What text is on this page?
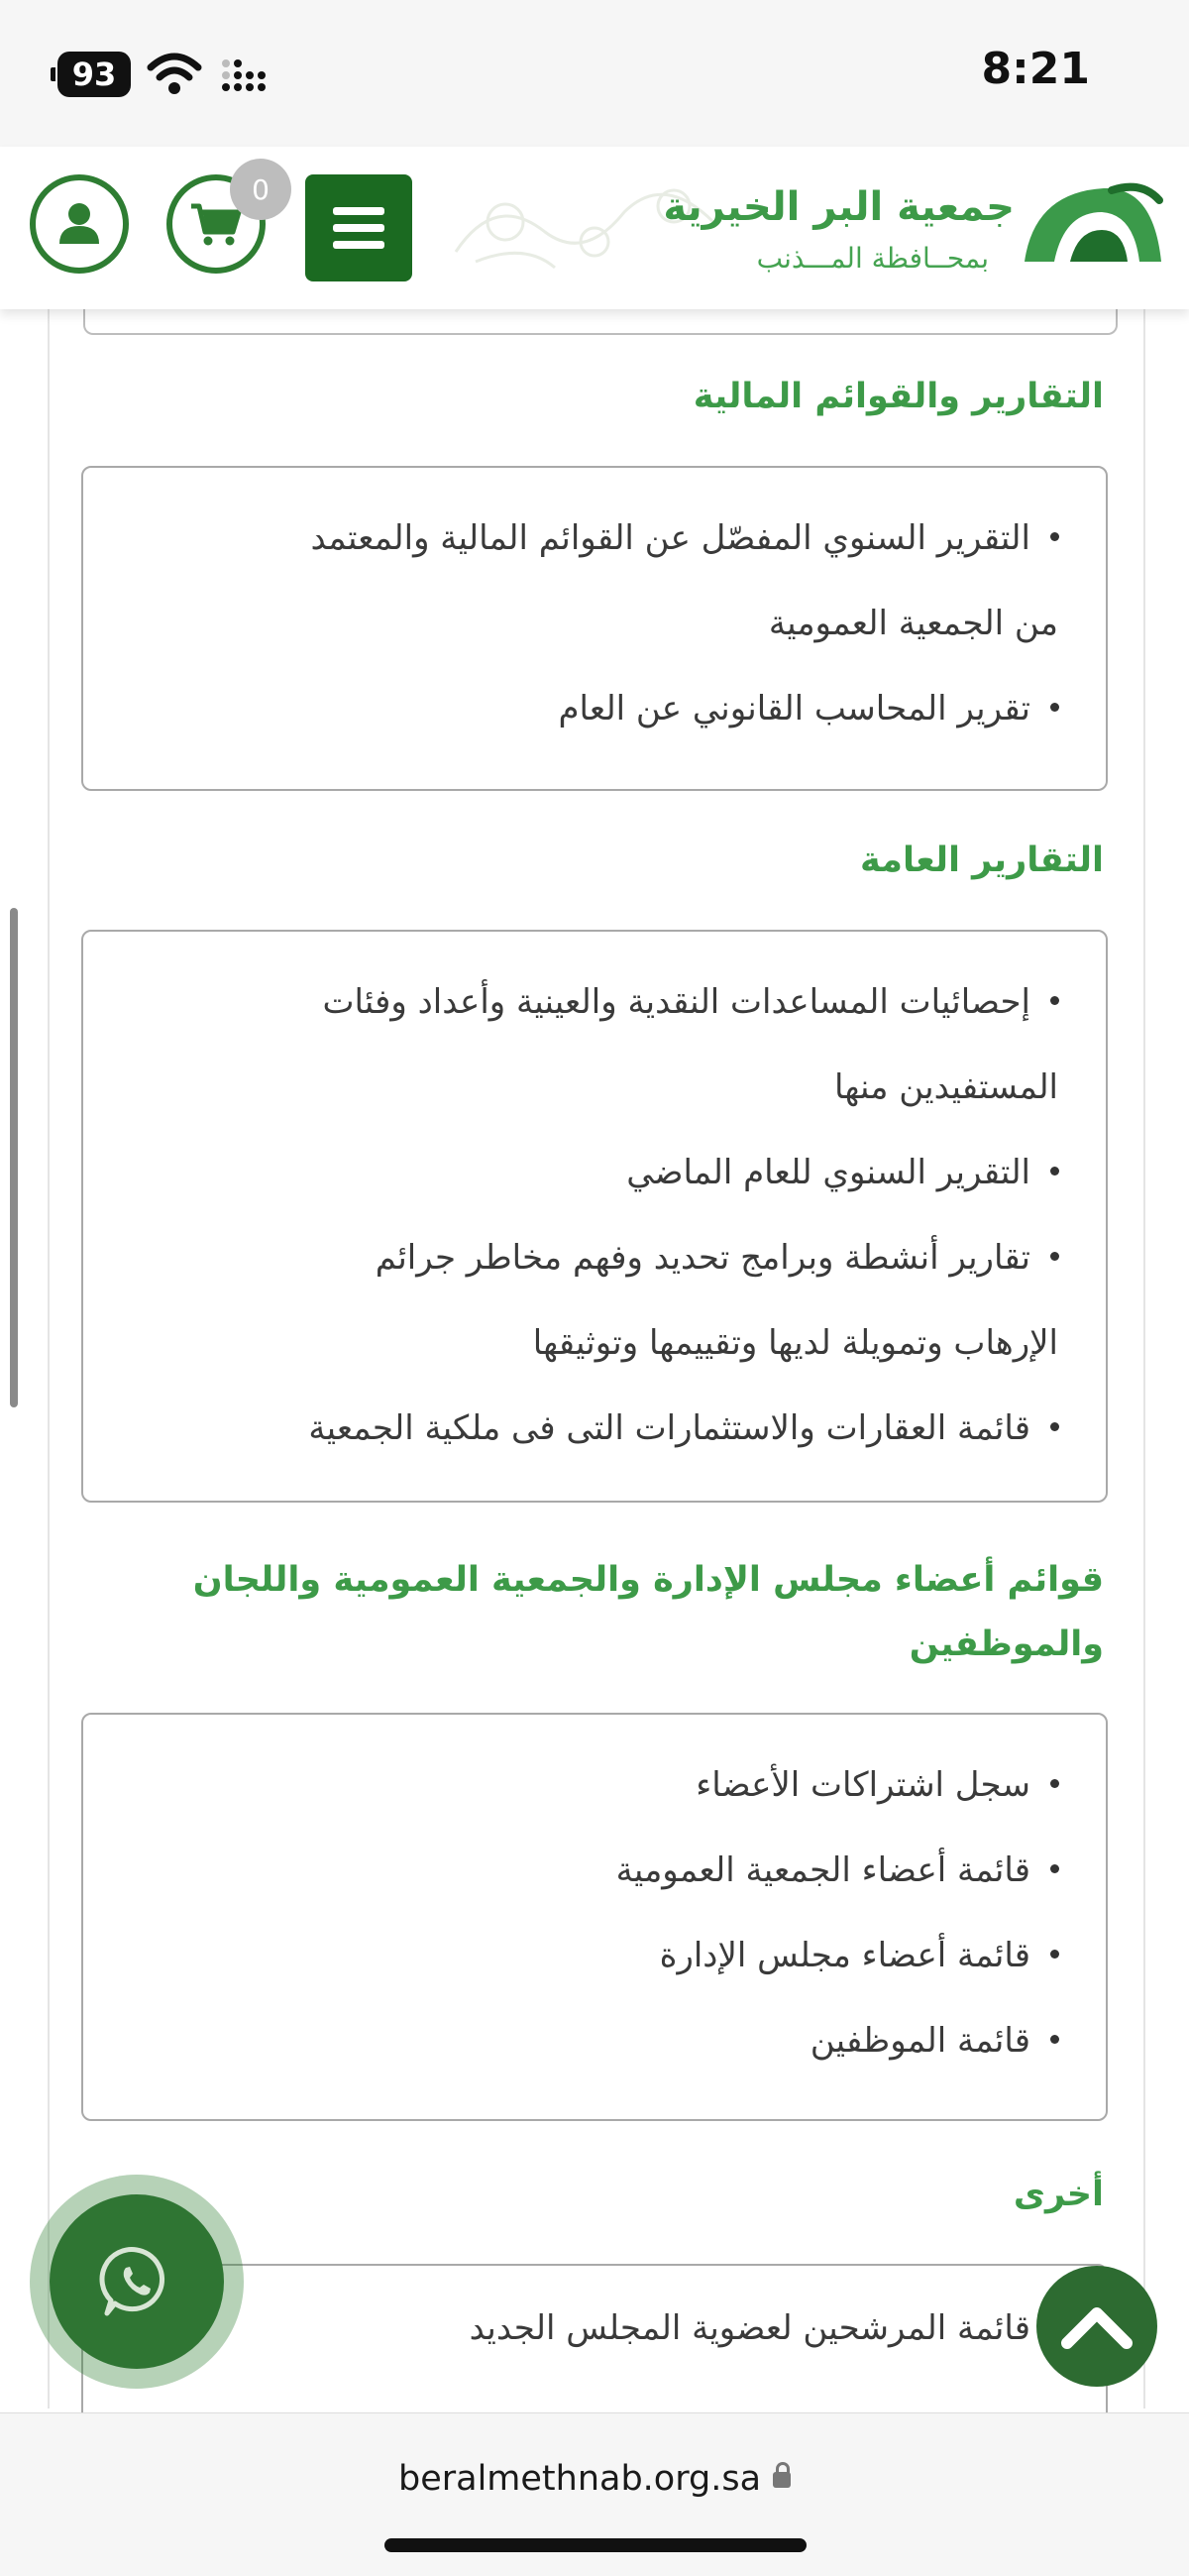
93	8:21
0	جمعية البر الخيرية
بمحــافظة المـــذنب
التقارير والقوائم المالية
التقرير السنوي المفصّل عن القوائم المالية والمعتمد
من الجمعية العمومية
تقرير المحاسب القانوني عن العام
التقارير العامة
إحصائيات المساعدات النقدية والعينية وأعداد وفئات
المستفيدين منها
التقرير السنوي للعام الماضي
تقارير أنشطة وبرامج تحديد وفهم مخاطر جرائم
الإرهاب وتمويلة لديها وتقييمها وتوثيقها
قائمة العقارات والاستثمارات التى فى ملكية الجمعية
قوائم أعضاء مجلس الإدارة والجمعية العمومية واللجان
والموظفين
سجل اشتراكات الأعضاء
قائمة أعضاء الجمعية العمومية
قائمة أعضاء مجلس الإدارة
قائمة الموظفين
أخرى
قائمة المرشحين لعضوية المجلس الجديد
beralmethnab.org.sa
